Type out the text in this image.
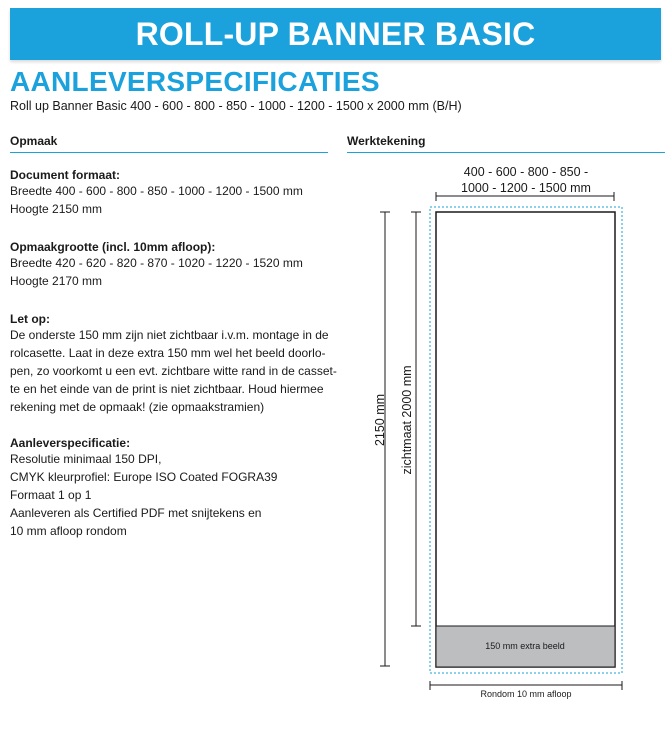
ROLL-UP BANNER BASIC
AANLEVERSPECIFICATIES
Roll up Banner Basic 400 - 600 - 800 - 850 - 1000 - 1200 - 1500 x 2000 mm (B/H)
Opmaak	Werktekening

Document formaat:

Breedte 400 - 600 - 800 - 850 - 1000 - 1200 - 1500 mm

Hoogte 2150 mm

Opmaakgrootte (incl. 10mm afloop):

Breedte 420 - 620 - 820 - 870 - 1020 - 1220 - 1520 mm

Hoogte 2170 mm

Let op:

De onderste 150 mm zijn niet zichtbaar i.v.m. montage in de

rolcasette. Laat in deze extra 150 mm wel het beeld doorlo-

pen, zo voorkomt u een evt. zichtbare witte rand in de casset-

te en het einde van de print is niet zichtbaar. Houd hiermee

rekening met de opmaak! (zie opmaakstramien)

Aanleverspecificatie:

Resolutie minimaal 150 DPI,

CMYK kleurprofiel: Europe ISO Coated FOGRA39

Formaat 1 op 1

Aanleveren als Certified PDF met snijtekens en

10 mm afloop rondom

400 - 600 - 800 - 850 -
1000 - 1200 - 1500 mm
150 mm extra beeld
2150 mm zichtmaat 2000 mm
Rondom 10 mm afloop
